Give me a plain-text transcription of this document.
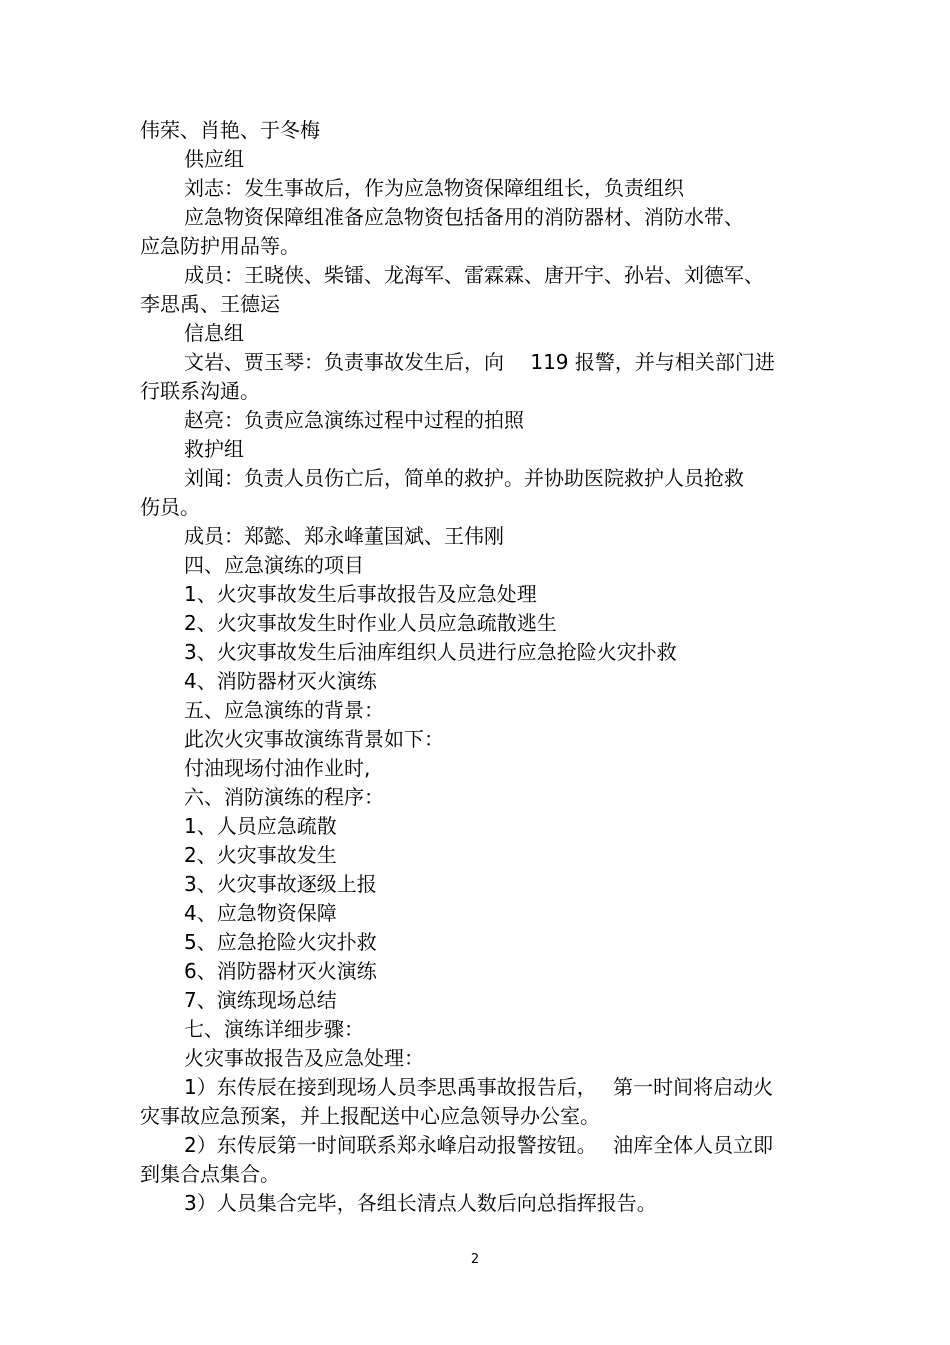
伟荣、肖艳、于冬梅

供应组

刘志：发生事故后，作为应急物资保障组组长，负责组织

应急物资保障组准备应急物资包括备用的消防器材、消防水带、

应急防护用品等。

成员：王晓侠、柴镭、龙海军、雷霖霖、唐开宇、孙岩、刘德军、

李思禹、王德运

信息组

文岩、贾玉琴：负责事故发生后，向　 119 报警，并与相关部门进

行联系沟通。

赵亮：负责应急演练过程中过程的拍照

救护组

刘闻：负责人员伤亡后，简单的救护。并协助医院救护人员抢救

伤员。

成员：郑懿、郑永峰董国斌、王伟刚

四、应急演练的项目

1、火灾事故发生后事故报告及应急处理

2、火灾事故发生时作业人员应急疏散逃生

3、火灾事故发生后油库组织人员进行应急抢险火灾扑救

4、消防器材灭火演练

五、应急演练的背景：

此次火灾事故演练背景如下：

付油现场付油作业时,

六、消防演练的程序：

1、人员应急疏散

2、火灾事故发生

3、火灾事故逐级上报

4、应急物资保障

5、应急抢险火灾扑救

6、消防器材灭火演练

7、演练现场总结

七、演练详细步骤：

火灾事故报告及应急处理：

1）东传辰在接到现场人员李思禹事故报告后，　 第一时间将启动火

灾事故应急预案，并上报配送中心应急领导办公室。

2）东传辰第一时间联系郑永峰启动报警按钮。　 油库全体人员立即

到集合点集合。

3）人员集合完毕，各组长清点人数后向总指挥报告。

2
